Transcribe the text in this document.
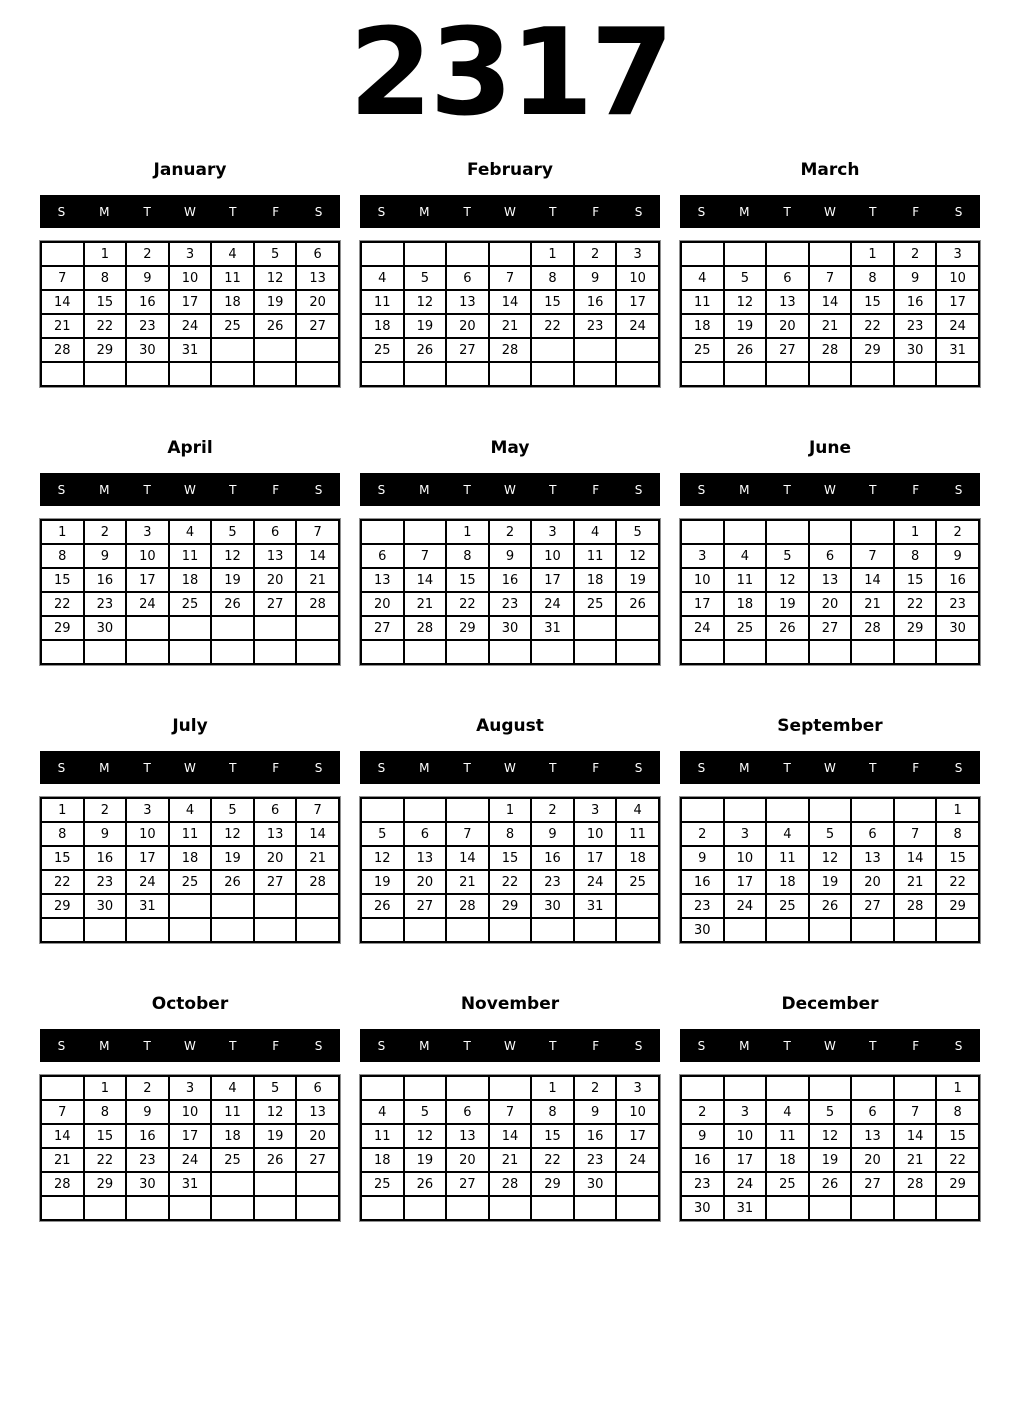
2317
January
S	M	T	W	T	F	S
	1	2	3	4	5	6
7	8	9	10	11	12	13
14	15	16	17	18	19	20
21	22	23	24	25	26	27
28	29	30	31			

February
S	M	T	W	T	F	S
				1	2	3
4	5	6	7	8	9	10
11	12	13	14	15	16	17
18	19	20	21	22	23	24
25	26	27	28			

March
S	M	T	W	T	F	S
				1	2	3
4	5	6	7	8	9	10
11	12	13	14	15	16	17
18	19	20	21	22	23	24
25	26	27	28	29	30	31

April
S	M	T	W	T	F	S
1	2	3	4	5	6	7
8	9	10	11	12	13	14
15	16	17	18	19	20	21
22	23	24	25	26	27	28
29	30					

May
S	M	T	W	T	F	S
		1	2	3	4	5
6	7	8	9	10	11	12
13	14	15	16	17	18	19
20	21	22	23	24	25	26
27	28	29	30	31		

June
S	M	T	W	T	F	S
					1	2
3	4	5	6	7	8	9
10	11	12	13	14	15	16
17	18	19	20	21	22	23
24	25	26	27	28	29	30

July
S	M	T	W	T	F	S
1	2	3	4	5	6	7
8	9	10	11	12	13	14
15	16	17	18	19	20	21
22	23	24	25	26	27	28
29	30	31				

August
S	M	T	W	T	F	S
			1	2	3	4
5	6	7	8	9	10	11
12	13	14	15	16	17	18
19	20	21	22	23	24	25
26	27	28	29	30	31	

September
S	M	T	W	T	F	S
						1
2	3	4	5	6	7	8
9	10	11	12	13	14	15
16	17	18	19	20	21	22
23	24	25	26	27	28	29
30						
October
S	M	T	W	T	F	S
	1	2	3	4	5	6
7	8	9	10	11	12	13
14	15	16	17	18	19	20
21	22	23	24	25	26	27
28	29	30	31			

November
S	M	T	W	T	F	S
				1	2	3
4	5	6	7	8	9	10
11	12	13	14	15	16	17
18	19	20	21	22	23	24
25	26	27	28	29	30	

December
S	M	T	W	T	F	S
						1
2	3	4	5	6	7	8
9	10	11	12	13	14	15
16	17	18	19	20	21	22
23	24	25	26	27	28	29
30	31					
